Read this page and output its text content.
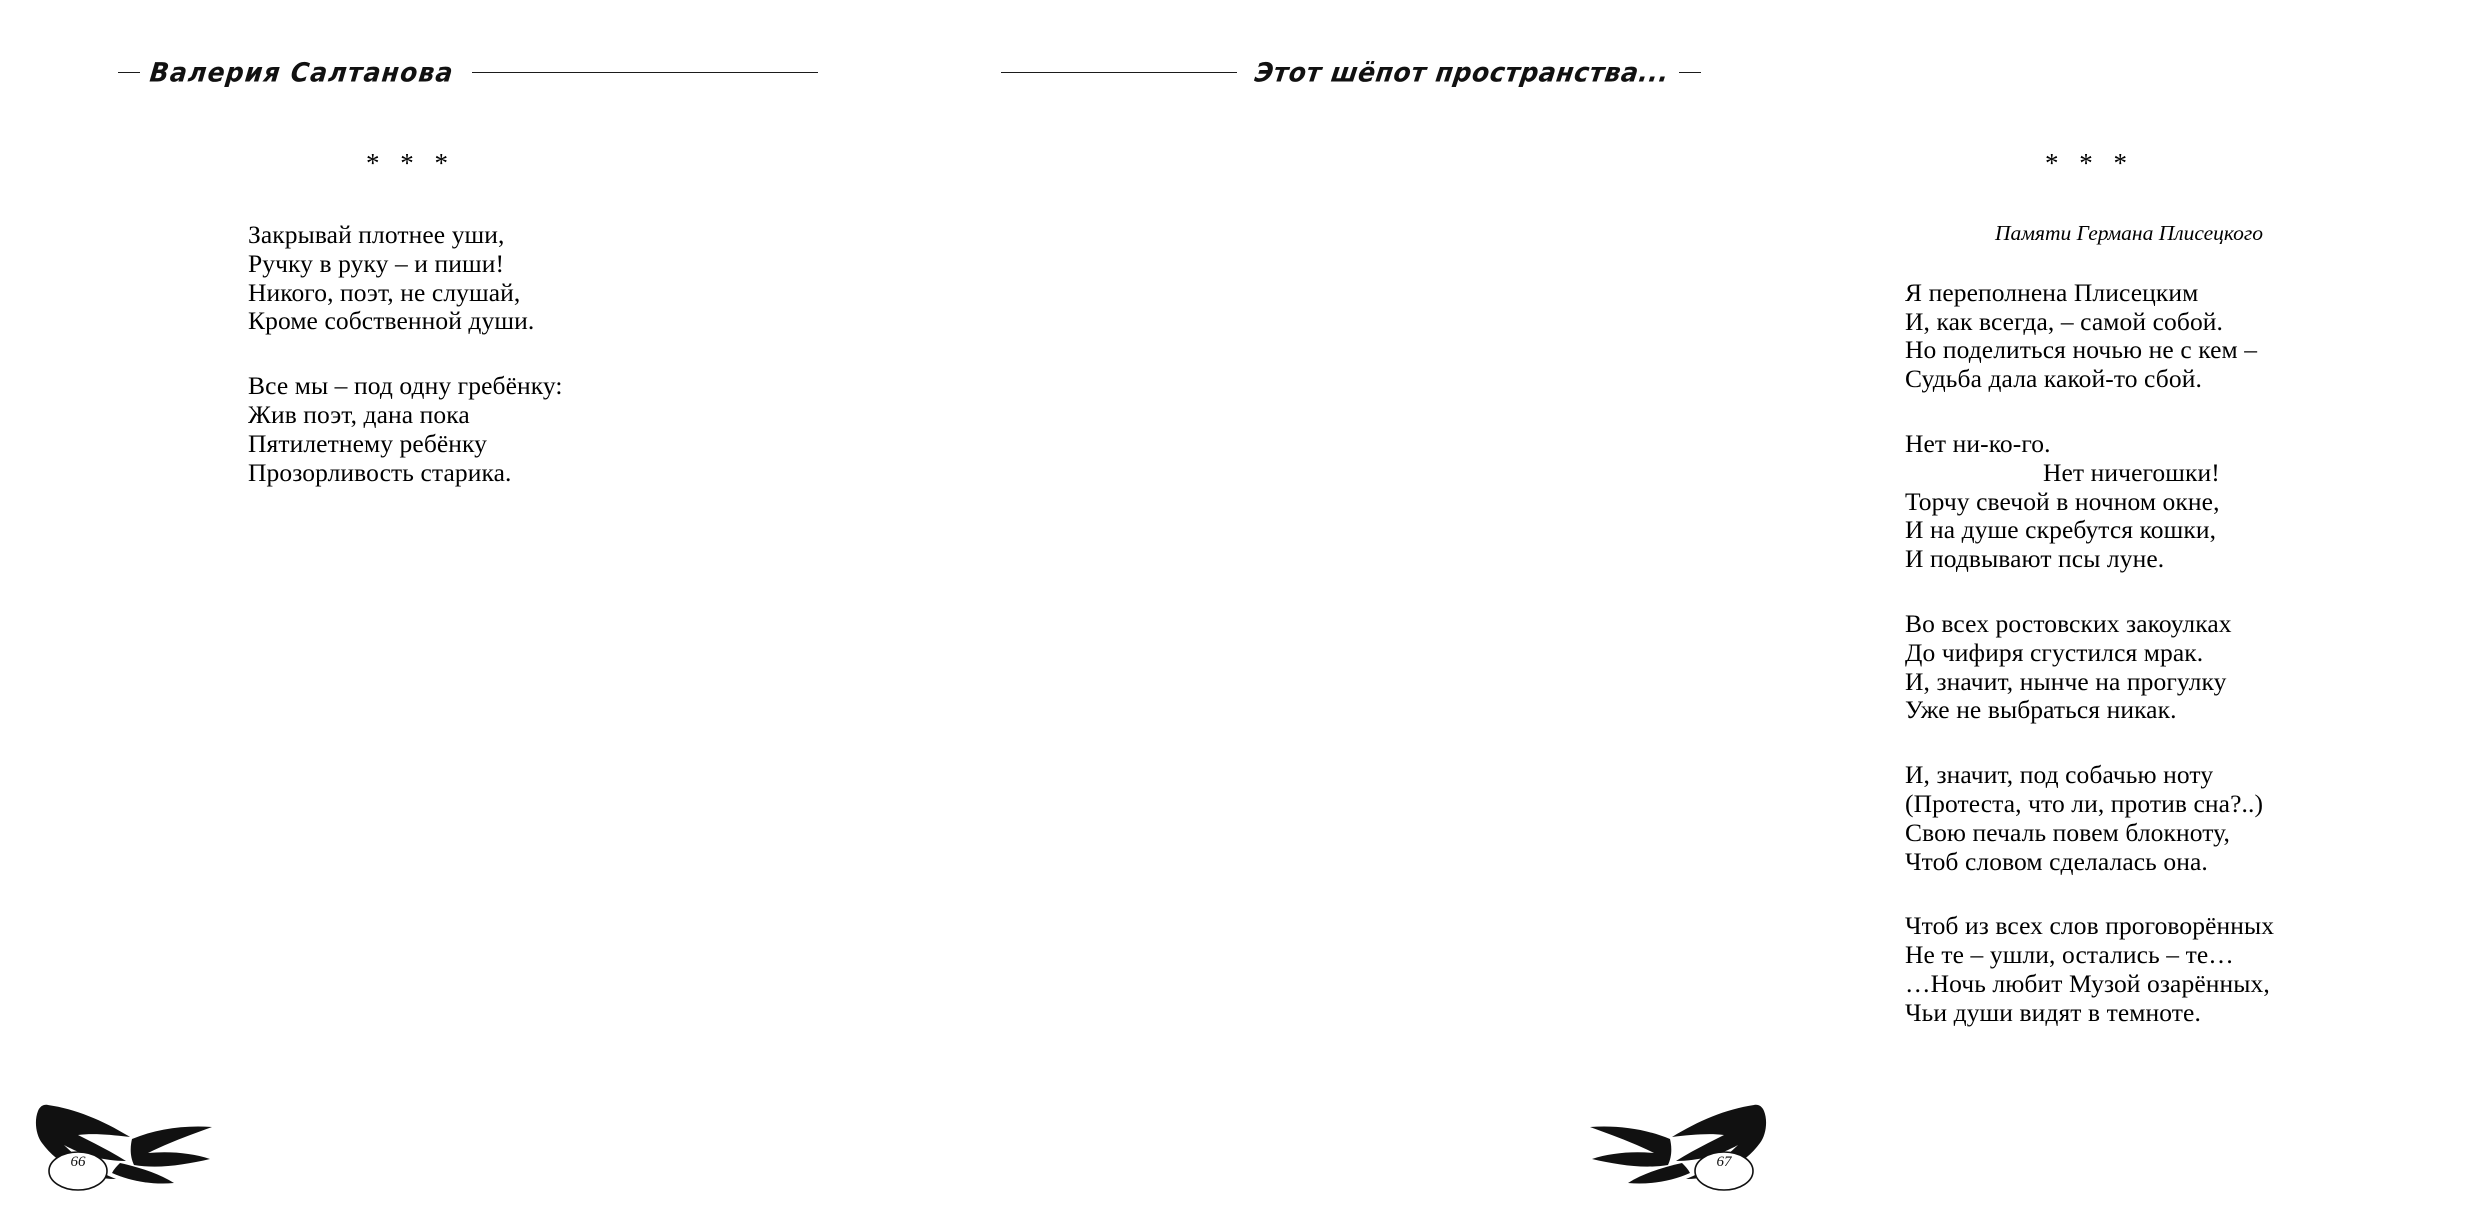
Валерия Салтанова
* * *
Закрывай плотнее уши,
Ручку в руку – и пиши!
Никого, поэт, не слушай,
Кроме собственной души.
Все мы – под одну гребёнку:
Жив поэт, дана пока
Пятилетнему ребёнку
Прозорливость старика.
66
Этот шёпот пространства...
* * *
Памяти Германа Плисецкого
Я переполнена Плисецким
И, как всегда, – самой собой.
Но поделиться ночью не с кем –
Судьба дала какой-то сбой.
Нет ни-ко-го.
Нет ничегошки!
Торчу свечой в ночном окне,
И на душе скребутся кошки,
И подвывают псы луне.
Во всех ростовских закоулках
До чифиря сгустился мрак.
И, значит, нынче на прогулку
Уже не выбраться никак.
И, значит, под собачью ноту
(Протеста, что ли, против сна?..)
Свою печаль повем блокноту,
Чтоб словом сделалась она.
Чтоб из всех слов проговорённых
Не те – ушли, остались – те…
…Ночь любит Музой озарённых,
Чьи души видят в темноте.
67
